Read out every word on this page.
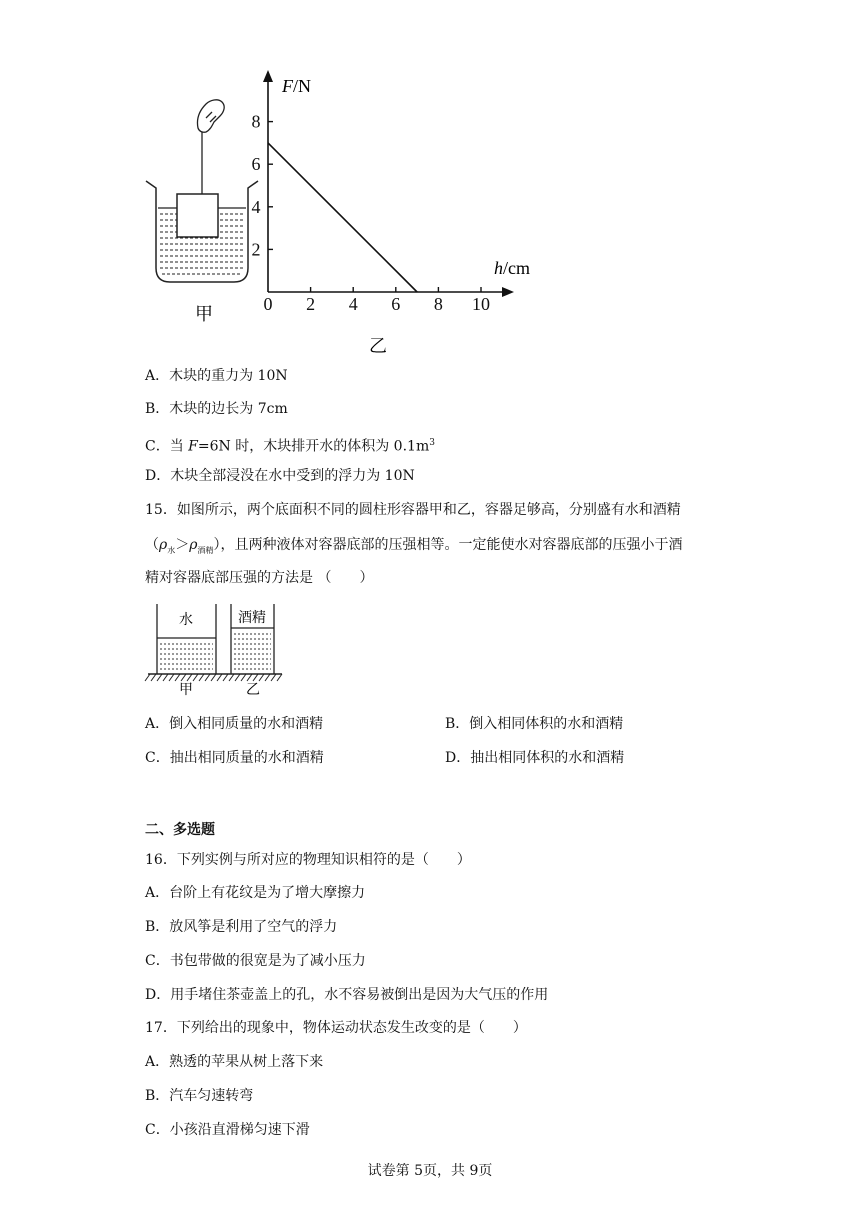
甲
2
4
6
8
0 2 4 6 8 10
F/N
h/cm
乙
A．木块的重力为 10N
B．木块的边长为 7cm
C．当 F=6N 时，木块排开水的体积为 $0.1m^3$
D．木块全部浸没在水中受到的浮力为 10N
15．如图所示，两个底面积不同的圆柱形容器甲和乙，容器足够高，分别盛有水和酒精
$(\rho_水>\rho_{酒精})$，且两种液体对容器底部的压强相等。一定能使水对容器底部的压强小于酒
精对容器底部压强的方法是 （　　）
水	酒精
甲	乙
A．倒入相同质量的水和酒精	B．倒入相同体积的水和酒精
C．抽出相同质量的水和酒精	D．抽出相同体积的水和酒精
二、多选题
16．下列实例与所对应的物理知识相符的是（　　）
A．台阶上有花纹是为了增大摩擦力
B．放风筝是利用了空气的浮力
C．书包带做的很宽是为了减小压力
D．用手堵住茶壶盖上的孔，水不容易被倒出是因为大气压的作用
17．下列给出的现象中，物体运动状态发生改变的是（　　）
A．熟透的苹果从树上落下来
B．汽车匀速转弯
C．小孩沿直滑梯匀速下滑
试卷第 5页，共 9页
